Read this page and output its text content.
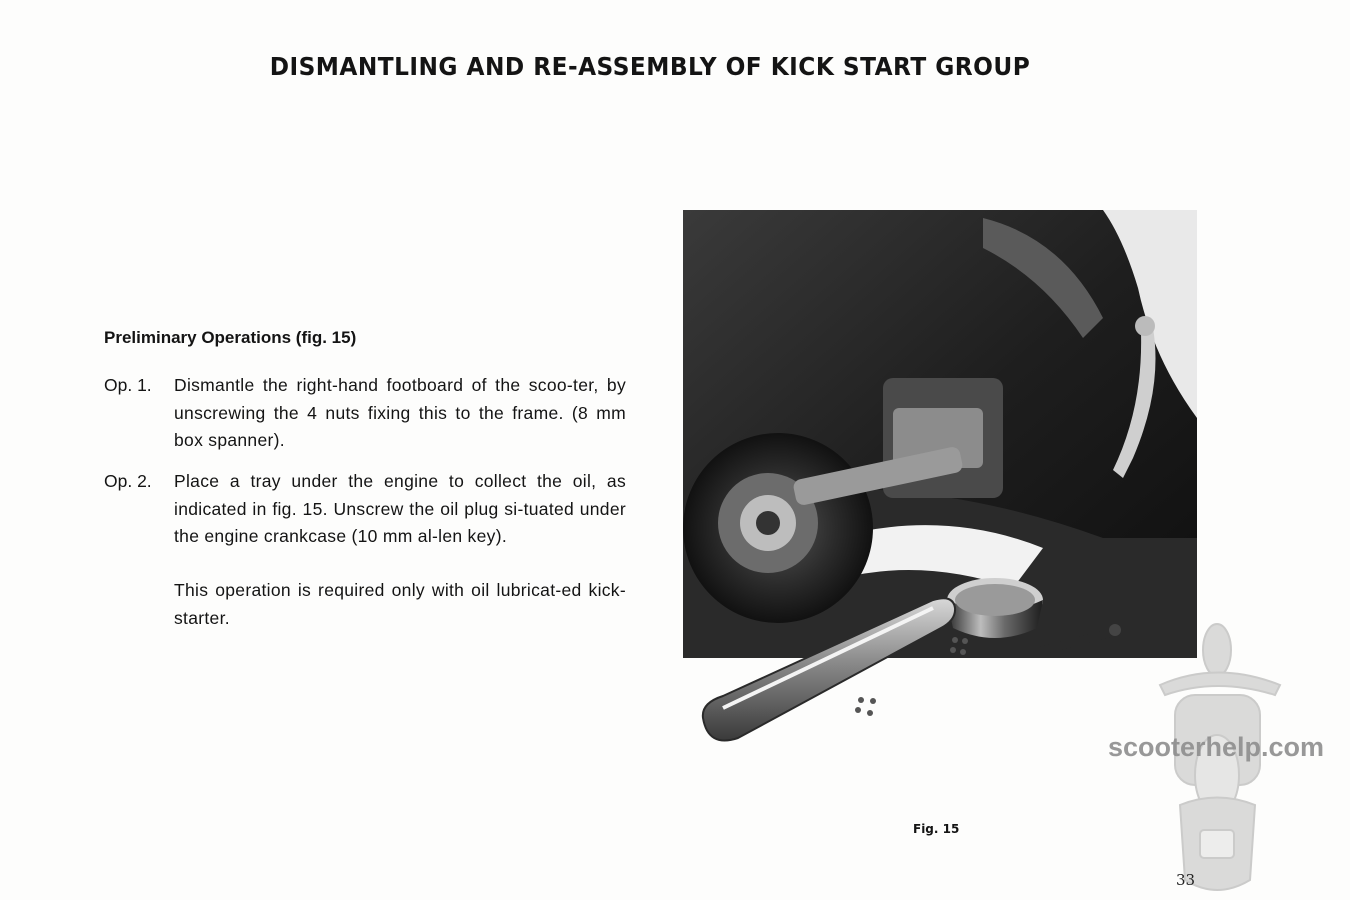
DISMANTLING AND RE-ASSEMBLY OF KICK START GROUP
Preliminary Operations (fig. 15)
Op. 1.	Dismantle the right-hand footboard of the scoo-ter, by unscrewing the 4 nuts fixing this to the frame. (8 mm box spanner).
Op. 2.	Place a tray under the engine to collect the oil, as indicated in fig. 15. Unscrew the oil plug si-tuated under the engine crankcase (10 mm al-len key).
This operation is required only with oil lubricat-ed kick-starter.
Fig. 15
scooterhelp.com
33
